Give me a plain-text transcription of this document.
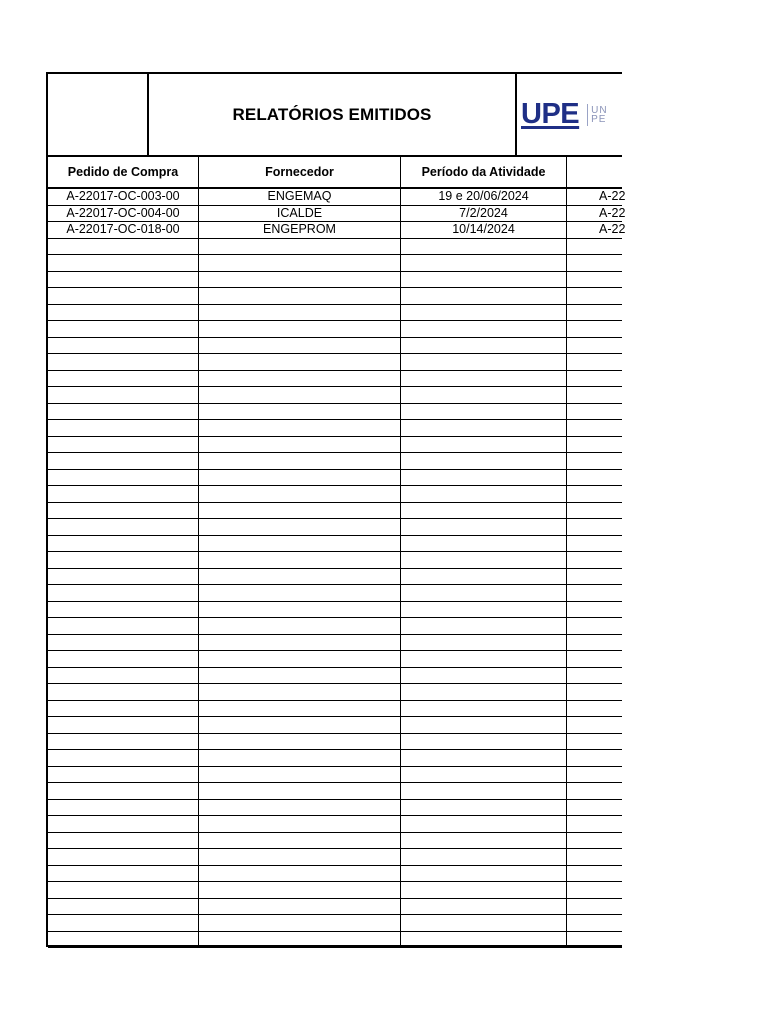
RELATÓRIOS EMITIDOS	UPE UN
PE
Pedido de Compra	Fornecedor	Período da Atividade
A-22017-OC-003-00	ENGEMAQ	19 e 20/06/2024	A-22
A-22017-OC-004-00	ICALDE	7/2/2024	A-22
A-22017-OC-018-00	ENGEPROM	10/14/2024	A-22
